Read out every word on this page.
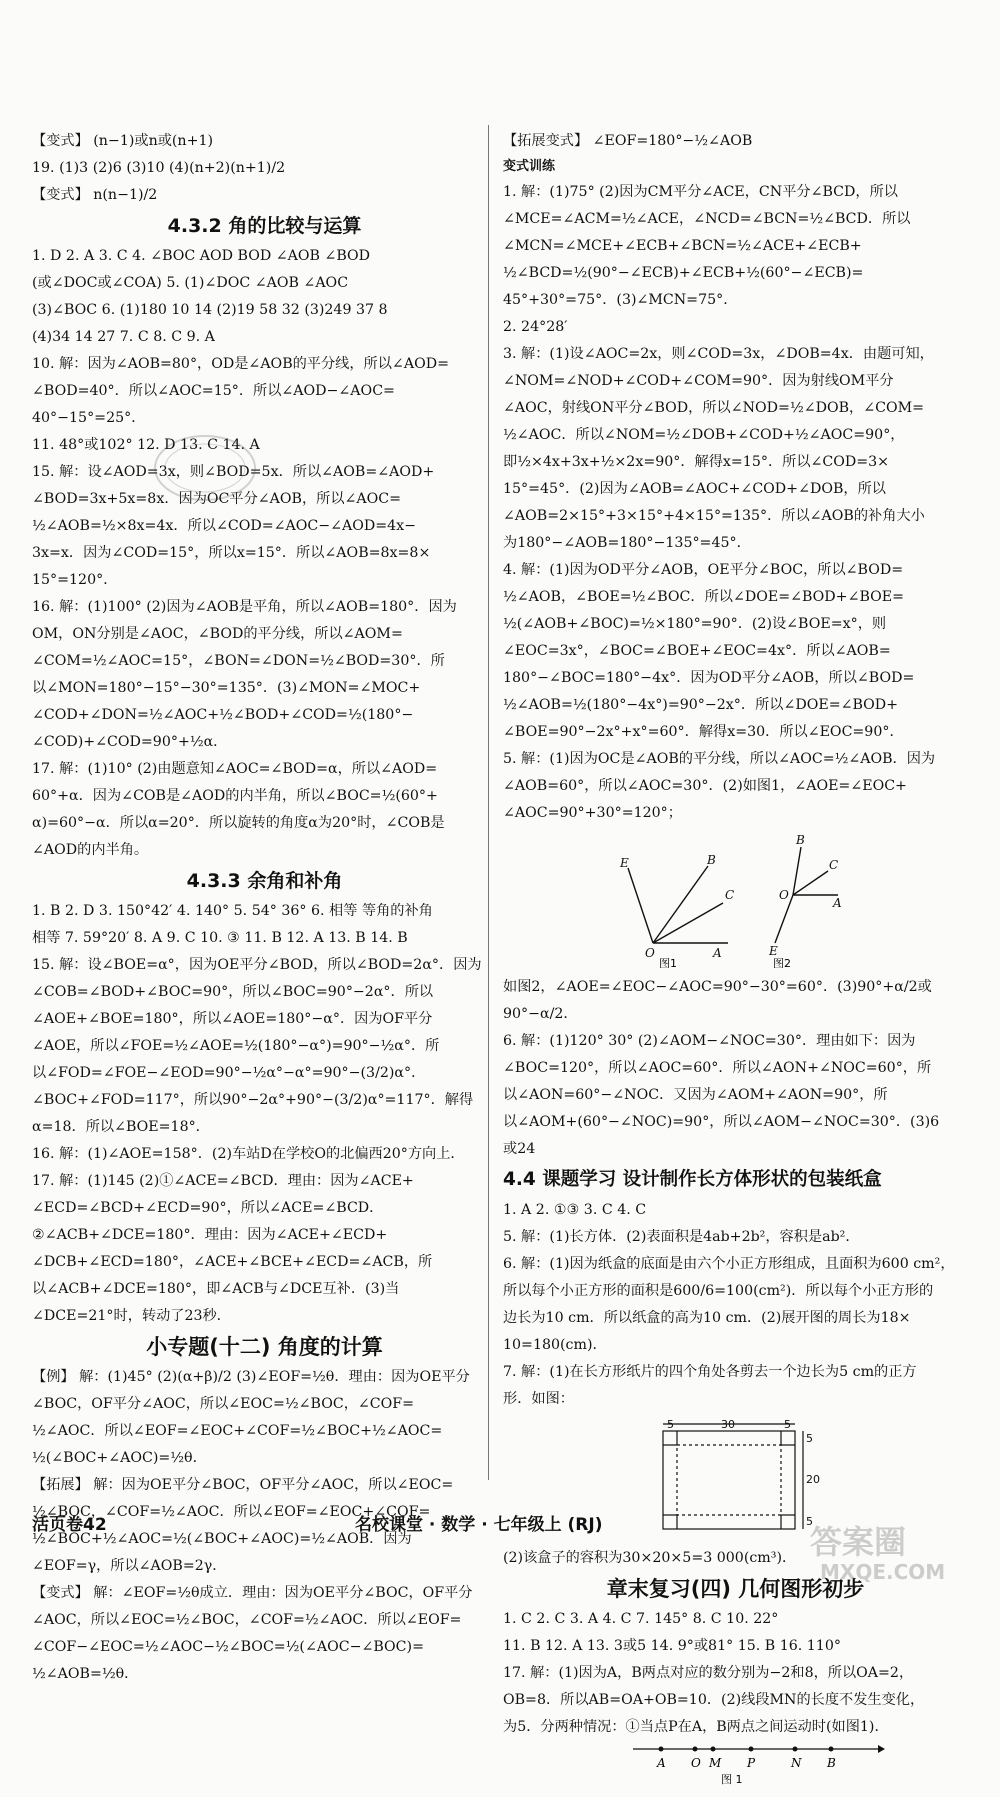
【变式】 (n−1)或n或(n+1)
19. (1)3 (2)6 (3)10 (4)(n+2)(n+1)/2
【变式】 n(n−1)/2
4.3.2 角的比较与运算
1. D 2. A 3. C 4. ∠BOC AOD BOD ∠AOB ∠BOD
(或∠DOC或∠COA) 5. (1)∠DOC ∠AOB ∠AOC
(3)∠BOC 6. (1)180 10 14 (2)19 58 32 (3)249 37 8
(4)34 14 27 7. C 8. C 9. A
10. 解：因为∠AOB=80°，OD是∠AOB的平分线，所以∠AOD=
∠BOD=40°．所以∠AOC=15°．所以∠AOD−∠AOC=
40°−15°=25°．
11. 48°或102° 12. D 13. C 14. A
15. 解：设∠AOD=3x，则∠BOD=5x．所以∠AOB=∠AOD+
∠BOD=3x+5x=8x．因为OC平分∠AOB，所以∠AOC=
½∠AOB=½×8x=4x．所以∠COD=∠AOC−∠AOD=4x−
3x=x．因为∠COD=15°，所以x=15°．所以∠AOB=8x=8×
15°=120°．
16. 解：(1)100° (2)因为∠AOB是平角，所以∠AOB=180°．因为
OM，ON分别是∠AOC，∠BOD的平分线，所以∠AOM=
∠COM=½∠AOC=15°，∠BON=∠DON=½∠BOD=30°．所
以∠MON=180°−15°−30°=135°．(3)∠MON=∠MOC+
∠COD+∠DON=½∠AOC+½∠BOD+∠COD=½(180°−
∠COD)+∠COD=90°+½α．
17. 解：(1)10° (2)由题意知∠AOC=∠BOD=α，所以∠AOD=
60°+α．因为∠COB是∠AOD的内半角，所以∠BOC=½(60°+
α)=60°−α．所以α=20°．所以旋转的角度α为20°时，∠COB是
∠AOD的内半角。
4.3.3 余角和补角
1. B 2. D 3. 150°42′ 4. 140° 5. 54° 36° 6. 相等 等角的补角
相等 7. 59°20′ 8. A 9. C 10. ③ 11. B 12. A 13. B 14. B
15. 解：设∠BOE=α°，因为OE平分∠BOD，所以∠BOD=2α°．因为
∠COB=∠BOD+∠BOC=90°，所以∠BOC=90°−2α°．所以
∠AOE+∠BOE=180°，所以∠AOE=180°−α°．因为OF平分
∠AOE，所以∠FOE=½∠AOE=½(180°−α°)=90°−½α°．所
以∠FOD=∠FOE−∠EOD=90°−½α°−α°=90°−(3/2)α°．
∠BOC+∠FOD=117°，所以90°−2α°+90°−(3/2)α°=117°．解得
α=18．所以∠BOE=18°．
16. 解：(1)∠AOE=158°．(2)车站D在学校O的北偏西20°方向上．
17. 解：(1)145 (2)①∠ACE=∠BCD．理由：因为∠ACE+
∠ECD=∠BCD+∠ECD=90°，所以∠ACE=∠BCD．
②∠ACB+∠DCE=180°．理由：因为∠ACE+∠ECD+
∠DCB+∠ECD=180°，∠ACE+∠BCE+∠ECD=∠ACB，所
以∠ACB+∠DCE=180°，即∠ACB与∠DCE互补．(3)当
∠DCE=21°时，转动了23秒．
小专题(十二) 角度的计算
【例】 解：(1)45° (2)(α+β)/2 (3)∠EOF=½θ．理由：因为OE平分
∠BOC，OF平分∠AOC，所以∠EOC=½∠BOC，∠COF=
½∠AOC．所以∠EOF=∠EOC+∠COF=½∠BOC+½∠AOC=
½(∠BOC+∠AOC)=½θ．
【拓展】 解：因为OE平分∠BOC，OF平分∠AOC，所以∠EOC=
½∠BOC，∠COF=½∠AOC．所以∠EOF=∠EOC+∠COF=
½∠BOC+½∠AOC=½(∠BOC+∠AOC)=½∠AOB．因为
∠EOF=γ，所以∠AOB=2γ．
【变式】 解：∠EOF=½θ成立．理由：因为OE平分∠BOC，OF平分
∠AOC，所以∠EOC=½∠BOC，∠COF=½∠AOC．所以∠EOF=
∠COF−∠EOC=½∠AOC−½∠BOC=½(∠AOC−∠BOC)=
½∠AOB=½θ．
【拓展变式】 ∠EOF=180°−½∠AOB
变式训练
1. 解：(1)75° (2)因为CM平分∠ACE，CN平分∠BCD，所以
∠MCE=∠ACM=½∠ACE，∠NCD=∠BCN=½∠BCD．所以
∠MCN=∠MCE+∠ECB+∠BCN=½∠ACE+∠ECB+
½∠BCD=½(90°−∠ECB)+∠ECB+½(60°−∠ECB)=
45°+30°=75°．(3)∠MCN=75°．
2. 24°28′
3. 解：(1)设∠AOC=2x，则∠COD=3x，∠DOB=4x．由题可知，
∠NOM=∠NOD+∠COD+∠COM=90°．因为射线OM平分
∠AOC，射线ON平分∠BOD，所以∠NOD=½∠DOB，∠COM=
½∠AOC．所以∠NOM=½∠DOB+∠COD+½∠AOC=90°，
即½×4x+3x+½×2x=90°．解得x=15°．所以∠COD=3×
15°=45°．(2)因为∠AOB=∠AOC+∠COD+∠DOB，所以
∠AOB=2×15°+3×15°+4×15°=135°．所以∠AOB的补角大小
为180°−∠AOB=180°−135°=45°．
4. 解：(1)因为OD平分∠AOB，OE平分∠BOC，所以∠BOD=
½∠AOB，∠BOE=½∠BOC．所以∠DOE=∠BOD+∠BOE=
½(∠AOB+∠BOC)=½×180°=90°．(2)设∠BOE=x°，则
∠EOC=3x°，∠BOC=∠BOE+∠EOC=4x°．所以∠AOB=
180°−∠BOC=180°−4x°．因为OD平分∠AOB，所以∠BOD=
½∠AOB=½(180°−4x°)=90°−2x°．所以∠DOE=∠BOD+
∠BOE=90°−2x°+x°=60°．解得x=30．所以∠EOC=90°．
5. 解：(1)因为OC是∠AOB的平分线，所以∠AOC=½∠AOB．因为
∠AOB=60°，所以∠AOC=30°．(2)如图1，∠AOE=∠EOC+
∠AOC=90°+30°=120°；
E	B
C
O	A
图1
B
C
O
A
E
图2
如图2，∠AOE=∠EOC−∠AOC=90°−30°=60°．(3)90°+α/2或
90°−α/2．
6. 解：(1)120° 30° (2)∠AOM−∠NOC=30°．理由如下：因为
∠BOC=120°，所以∠AOC=60°．所以∠AON+∠NOC=60°，所
以∠AON=60°−∠NOC．又因为∠AOM+∠AON=90°，所
以∠AOM+(60°−∠NOC)=90°，所以∠AOM−∠NOC=30°．(3)6
或24
4.4 课题学习 设计制作长方体形状的包装纸盒
1. A 2. ①③ 3. C 4. C
5. 解：(1)长方体．(2)表面积是4ab+2b²，容积是ab²．
6. 解：(1)因为纸盒的底面是由六个小正方形组成，且面积为600 cm²，
所以每个小正方形的面积是600/6=100(cm²)．所以每个小正方形的
边长为10 cm．所以纸盒的高为10 cm．(2)展开图的周长为18×
10=180(cm)．
7. 解：(1)在长方形纸片的四个角处各剪去一个边长为5 cm的正方
形．如图：
5	30	5
5
20
5
(2)该盒子的容积为30×20×5=3 000(cm³)．
章末复习(四) 几何图形初步
1. C 2. C 3. A 4. C 7. 145° 8. C 10. 22°
11. B 12. A 13. 3或5 14. 9°或81° 15. B 16. 110°
17. 解：(1)因为A，B两点对应的数分别为−2和8，所以OA=2，
OB=8．所以AB=OA+OB=10．(2)线段MN的长度不发生变化，
为5．分两种情况：①当点P在A，B两点之间运动时(如图1)．
A O M P	N B
图 1
活页卷42	名校课堂 · 数学 · 七年级上 (RJ)	答案圈
MXQE.COM
